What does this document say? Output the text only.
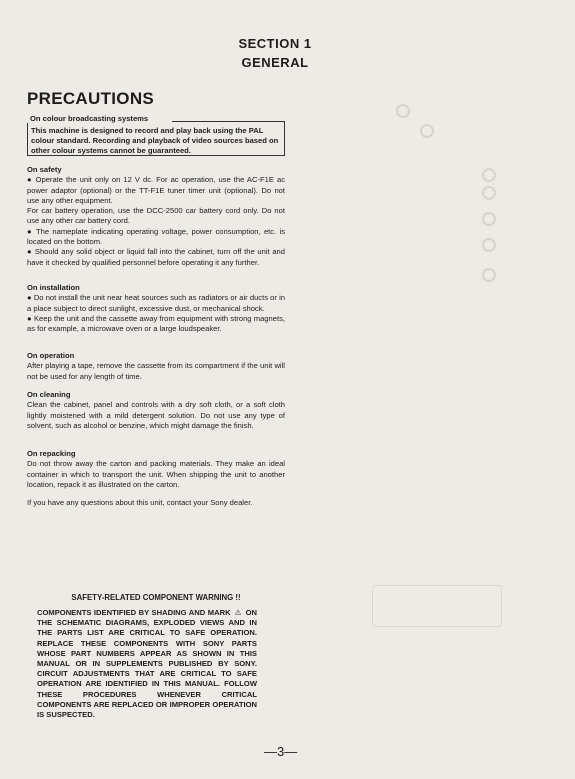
SECTION 1
GENERAL
PRECAUTIONS
On colour broadcasting systems
This machine is designed to record and play back using the PAL colour standard. Recording and playback of video sources based on other colour systems cannot be guaranteed.
On safety

● Operate the unit only on 12 V dc. For ac operation, use the AC-F1E ac power adaptor (optional) or the TT-F1E tuner timer unit (optional). Do not use any other equipment.

For car battery operation, use the DCC-2500 car battery cord only. Do not use any other car battery cord.

● The nameplate indicating operating voltage, power consumption, etc. is located on the bottom.

● Should any solid object or liquid fall into the cabinet, turn off the unit and have it checked by qualified personnel before operating it any further.

On installation

● Do not install the unit near heat sources such as radiators or air ducts or in a place subject to direct sunlight, excessive dust, or mechanical shock.

● Keep the unit and the cassette away from equipment with strong magnets, as for example, a microwave oven or a large loudspeaker.

On operation

After playing a tape, remove the cassette from its compartment if the unit will not be used for any length of time.

On cleaning

Clean the cabinet, panel and controls with a dry soft cloth, or a soft cloth lightly moistened with a mild detergent solution. Do not use any type of solvent, such as alcohol or benzine, which might damage the finish.

On repacking

Do not throw away the carton and packing materials. They make an ideal container in which to transport the unit. When shipping the unit to another location, repack it as illustrated on the carton.

If you have any questions about this unit, contact your Sony dealer.
SAFETY-RELATED COMPONENT WARNING !!
COMPONENTS IDENTIFIED BY SHADING AND MARK ⚠ ON THE SCHEMATIC DIAGRAMS, EXPLODED VIEWS AND IN THE PARTS LIST ARE CRITICAL TO SAFE OPERATION. REPLACE THESE COMPONENTS WITH SONY PARTS WHOSE PART NUMBERS APPEAR AS SHOWN IN THIS MANUAL OR IN SUPPLEMENTS PUBLISHED BY SONY. CIRCUIT ADJUSTMENTS THAT ARE CRITICAL TO SAFE OPERATION ARE IDENTIFIED IN THIS MANUAL. FOLLOW THESE PROCEDURES WHENEVER CRITICAL COMPONENTS ARE REPLACED OR IMPROPER OPERATION IS SUSPECTED.
—3—
